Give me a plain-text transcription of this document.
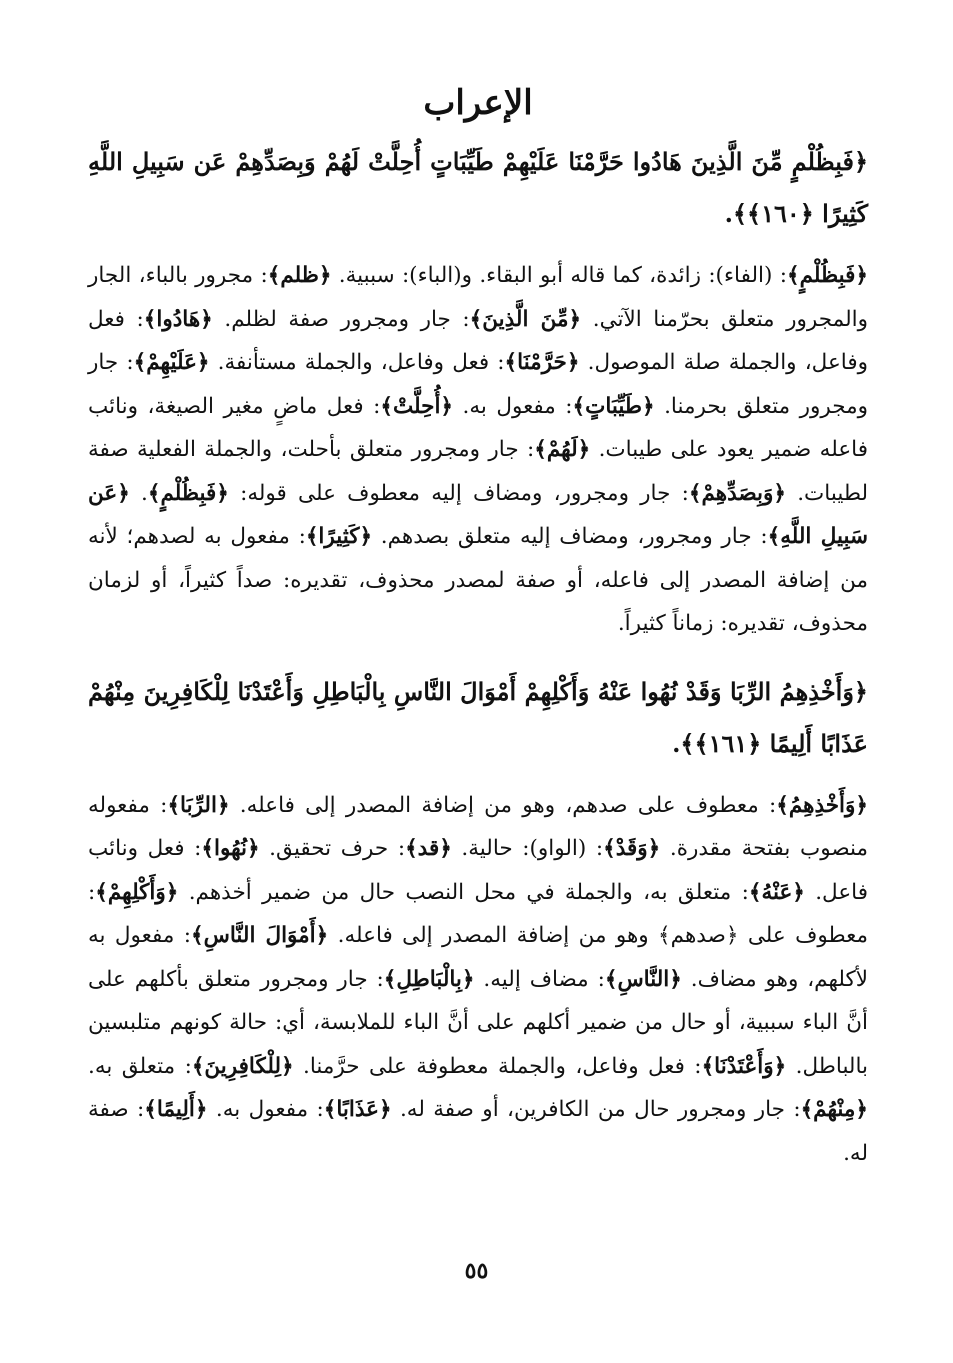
الإعراب

﴿فَبِظُلْمٍ مِّنَ الَّذِينَ هَادُوا حَرَّمْنَا عَلَيْهِمْ طَيِّبَاتٍ أُحِلَّتْ لَهُمْ وَبِصَدِّهِمْ عَن سَبِيلِ اللَّهِ كَثِيرًا ﴿١٦٠﴾﴾.

﴿فَبِظُلْمٍ﴾: (الفاء): زائدة، كما قاله أبو البقاء. و(الباء): سببية. ﴿ظلم﴾: مجرور بالباء، الجار والمجرور متعلق بحرّمنا الآتي. ﴿مِّنَ الَّذِينَ﴾: جار ومجرور صفة لظلم. ﴿هَادُوا﴾: فعل وفاعل، والجملة صلة الموصول. ﴿حَرَّمْنَا﴾: فعل وفاعل، والجملة مستأنفة. ﴿عَلَيْهِمْ﴾: جار ومجرور متعلق بحرمنا. ﴿طَيِّبَاتٍ﴾: مفعول به. ﴿أُحِلَّتْ﴾: فعل ماضٍ مغير الصيغة، ونائب فاعله ضمير يعود على طيبات. ﴿لَهُمْ﴾: جار ومجرور متعلق بأحلت، والجملة الفعلية صفة لطيبات. ﴿وَبِصَدِّهِمْ﴾: جار ومجرور، ومضاف إليه معطوف على قوله: ﴿فَبِظُلْمٍ﴾. ﴿عَن سَبِيلِ اللَّهِ﴾: جار ومجرور، ومضاف إليه متعلق بصدهم. ﴿كَثِيرًا﴾: مفعول به لصدهم؛ لأنه من إضافة المصدر إلى فاعله، أو صفة لمصدر محذوف، تقديره: صداً كثيراً، أو لزمان محذوف، تقديره: زماناً كثيراً.

﴿وَأَخْذِهِمُ الرِّبَا وَقَدْ نُهُوا عَنْهُ وَأَكْلِهِمْ أَمْوَالَ النَّاسِ بِالْبَاطِلِ وَأَعْتَدْنَا لِلْكَافِرِينَ مِنْهُمْ عَذَابًا أَلِيمًا ﴿١٦١﴾﴾.

﴿وَأَخْذِهِمُ﴾: معطوف على صدهم، وهو من إضافة المصدر إلى فاعله. ﴿الرِّبَا﴾: مفعوله منصوب بفتحة مقدرة. ﴿وَقَدْ﴾: (الواو): حالية. ﴿قد﴾: حرف تحقيق. ﴿نُهُوا﴾: فعل ونائب فاعل. ﴿عَنْهُ﴾: متعلق به، والجملة في محل النصب حال من ضمير أخذهم. ﴿وَأَكْلِهِمْ﴾: معطوف على ﴿صدهم﴾ وهو من إضافة المصدر إلى فاعله. ﴿أَمْوَالَ النَّاسِ﴾: مفعول به لأكلهم، وهو مضاف. ﴿النَّاسِ﴾: مضاف إليه. ﴿بِالْبَاطِلِ﴾: جار ومجرور متعلق بأكلهم على أنَّ الباء سببية، أو حال من ضمير أكلهم على أنَّ الباء للملابسة، أي: حالة كونهم متلبسين بالباطل. ﴿وَأَعْتَدْنَا﴾: فعل وفاعل، والجملة معطوفة على حرَّمنا. ﴿لِلْكَافِرِينَ﴾: متعلق به. ﴿مِنْهُمْ﴾: جار ومجرور حال من الكافرين، أو صفة له. ﴿عَذَابًا﴾: مفعول به. ﴿أَلِيمًا﴾: صفة له.

٥٥
